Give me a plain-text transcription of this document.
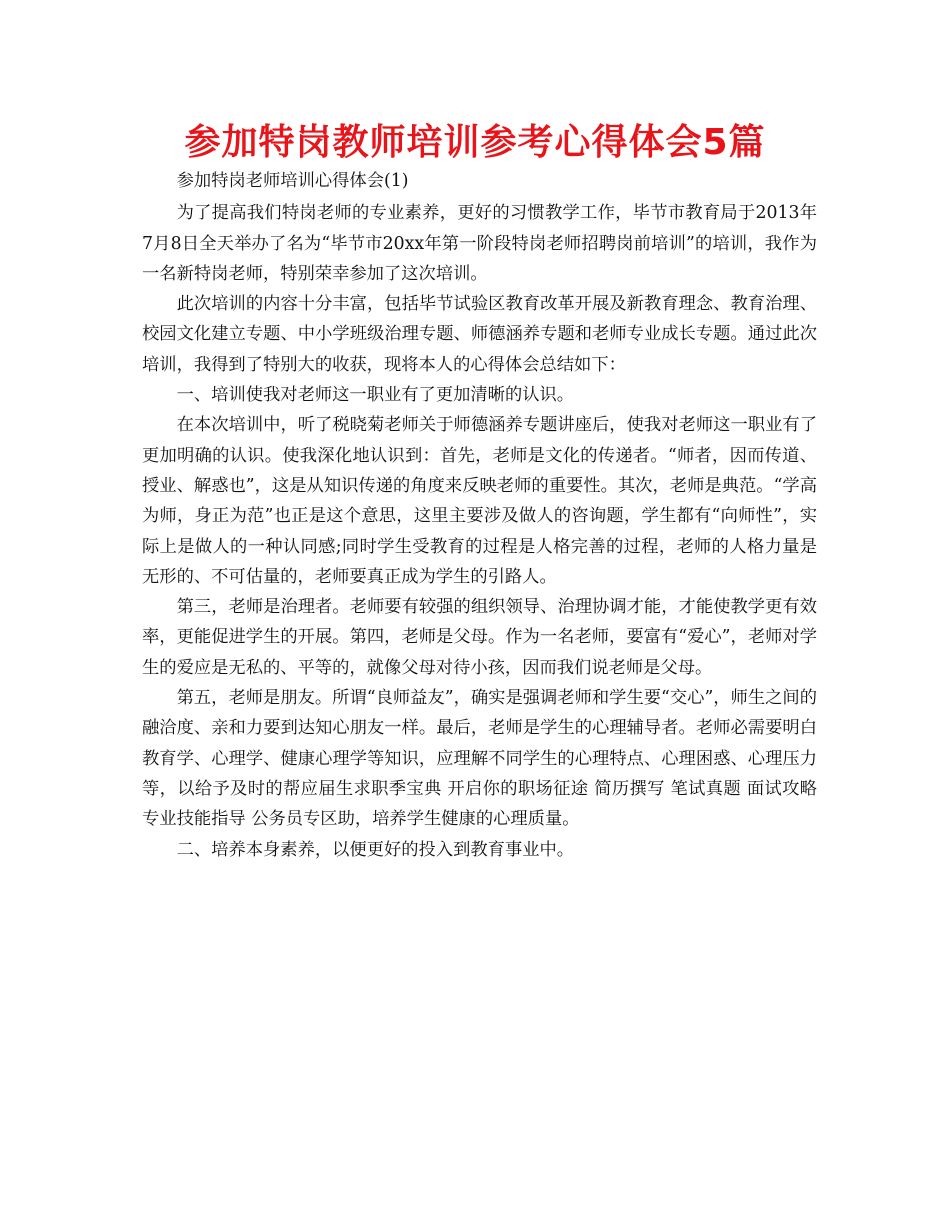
参加特岗教师培训参考心得体会5篇

参加特岗老师培训心得体会(1)

为了提高我们特岗老师的专业素养，更好的习惯教学工作，毕节市教育局于2013年7月8日全天举办了名为“毕节市20xx年第一阶段特岗老师招聘岗前培训”的培训，我作为一名新特岗老师，特别荣幸参加了这次培训。

此次培训的内容十分丰富，包括毕节试验区教育改革开展及新教育理念、教育治理、校园文化建立专题、中小学班级治理专题、师德涵养专题和老师专业成长专题。通过此次培训，我得到了特别大的收获，现将本人的心得体会总结如下：

一、培训使我对老师这一职业有了更加清晰的认识。

在本次培训中，听了税晓菊老师关于师德涵养专题讲座后，使我对老师这一职业有了更加明确的认识。使我深化地认识到：首先，老师是文化的传递者。“师者，因而传道、授业、解惑也”，这是从知识传递的角度来反映老师的重要性。其次，老师是典范。“学高为师，身正为范”也正是这个意思，这里主要涉及做人的咨询题，学生都有“向师性”，实际上是做人的一种认同感;同时学生受教育的过程是人格完善的过程，老师的人格力量是无形的、不可估量的，老师要真正成为学生的引路人。

第三，老师是治理者。老师要有较强的组织领导、治理协调才能，才能使教学更有效率，更能促进学生的开展。第四，老师是父母。作为一名老师，要富有“爱心”，老师对学生的爱应是无私的、平等的，就像父母对待小孩，因而我们说老师是父母。

第五，老师是朋友。所谓“良师益友”，确实是强调老师和学生要“交心”，师生之间的融洽度、亲和力要到达知心朋友一样。最后，老师是学生的心理辅导者。老师必需要明白教育学、心理学、健康心理学等知识，应理解不同学生的心理特点、心理困惑、心理压力等，以给予及时的帮应届生求职季宝典 开启你的职场征途 简历撰写 笔试真题 面试攻略 专业技能指导 公务员专区助，培养学生健康的心理质量。

二、培养本身素养，以便更好的投入到教育事业中。
